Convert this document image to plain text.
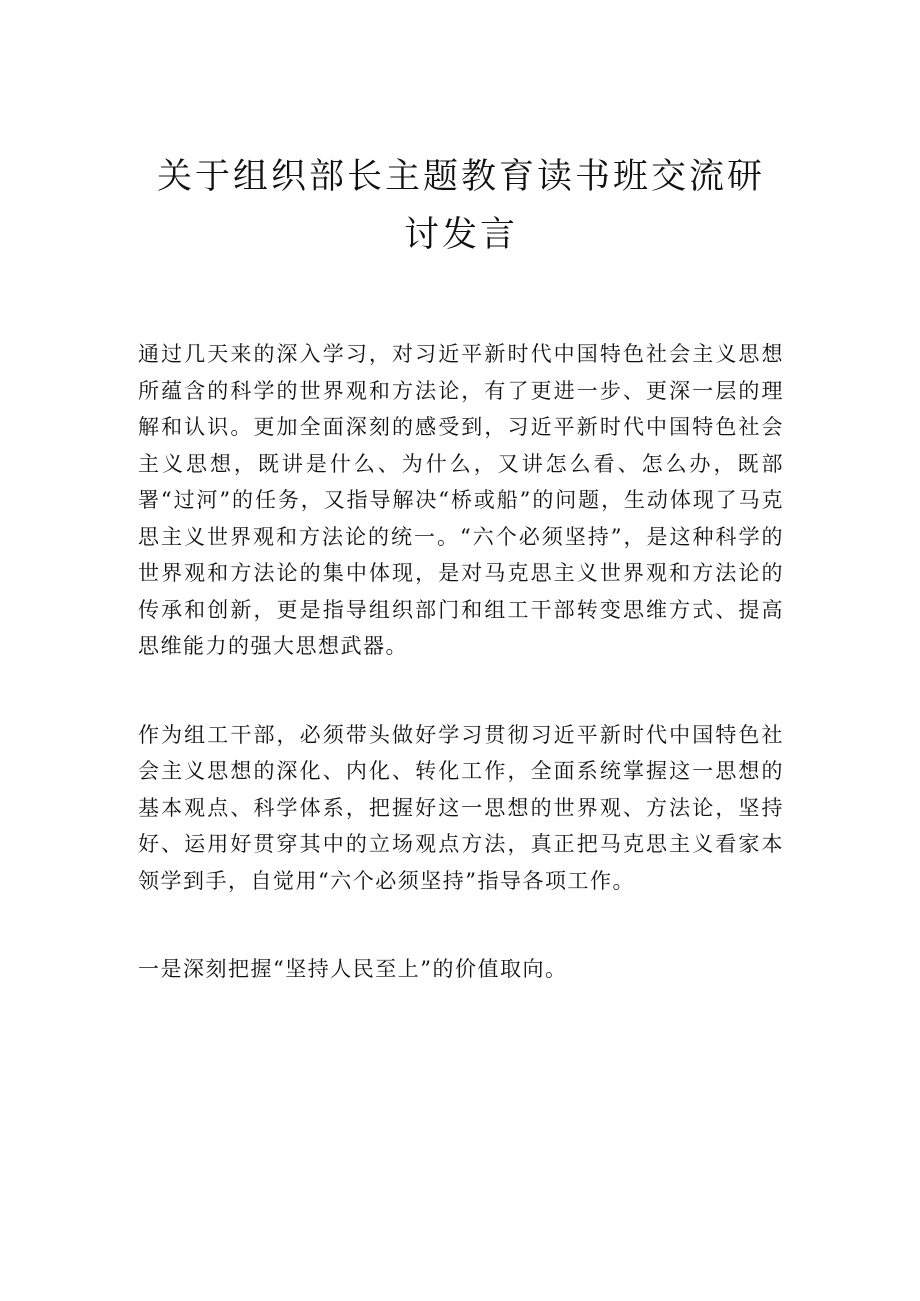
关于组织部长主题教育读书班交流研讨发言

通过几天来的深入学习，对习近平新时代中国特色社会主义思想所蕴含的科学的世界观和方法论，有了更进一步、更深一层的理解和认识。更加全面深刻的感受到，习近平新时代中国特色社会主义思想，既讲是什么、为什么，又讲怎么看、怎么办，既部署“过河”的任务，又指导解决“桥或船”的问题，生动体现了马克思主义世界观和方法论的统一。“六个必须坚持”，是这种科学的世界观和方法论的集中体现，是对马克思主义世界观和方法论的传承和创新，更是指导组织部门和组工干部转变思维方式、提高思维能力的强大思想武器。

作为组工干部，必须带头做好学习贯彻习近平新时代中国特色社会主义思想的深化、内化、转化工作，全面系统掌握这一思想的基本观点、科学体系，把握好这一思想的世界观、方法论，坚持好、运用好贯穿其中的立场观点方法，真正把马克思主义看家本领学到手，自觉用“六个必须坚持”指导各项工作。

一是深刻把握“坚持人民至上”的价值取向。
